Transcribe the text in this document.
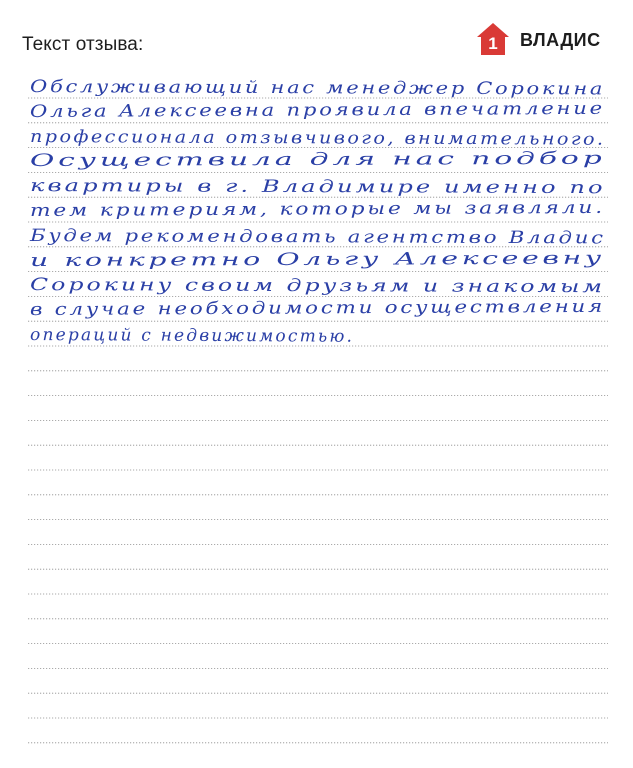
Текст отзыва:	1 ВЛАДИС
Обслуживающий нас менеджер Сорокина
Ольга Алексеевна проявила впечатление
профессионала отзывчивого, внимательного.
Осуществила для нас подбор
квартиры в г. Владимире именно по
тем критериям, которые мы заявляли.
Будем рекомендовать агентство Владис
и конкретно Ольгу Алексеевну
Сорокину своим друзьям и знакомым
в случае необходимости осуществления
операций с недвижимостью.
